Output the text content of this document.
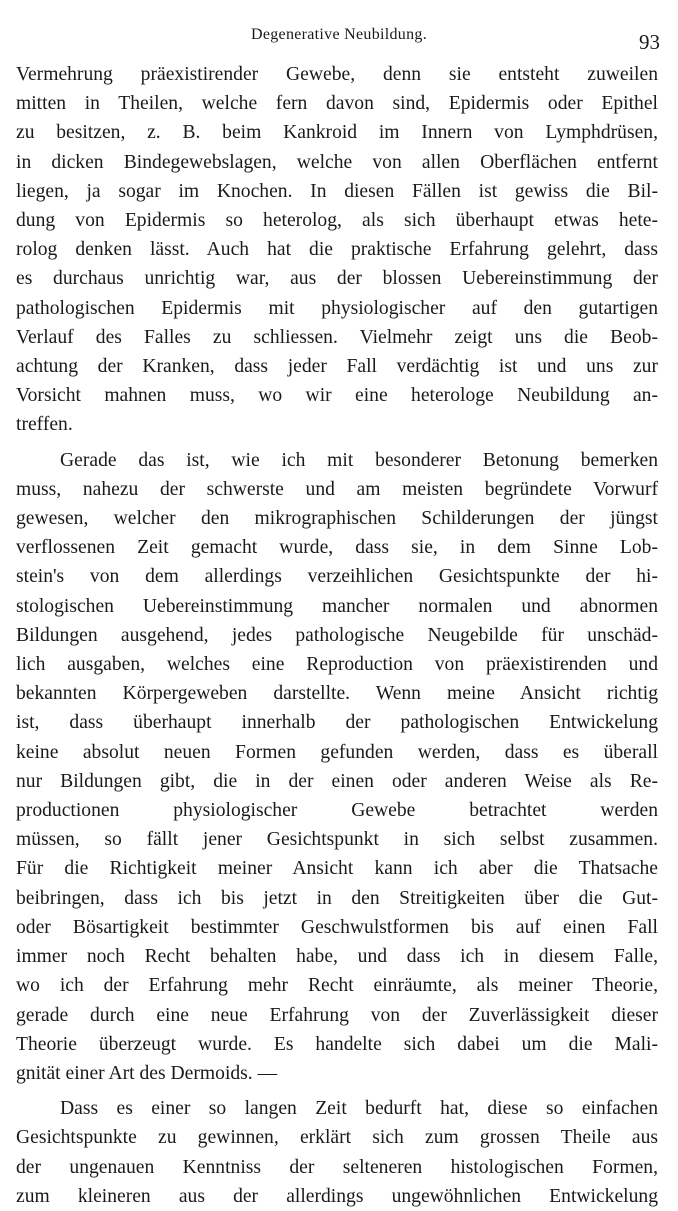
Degenerative Neubildung.	93
Vermehrung präexistirender Gewebe, denn sie entsteht zuweilen
mitten in Theilen, welche fern davon sind, Epidermis oder Epithel
zu besitzen, z. B. beim Kankroid im Innern von Lymphdrüsen,
in dicken Bindegewebslagen, welche von allen Oberflächen entfernt
liegen, ja sogar im Knochen. In diesen Fällen ist gewiss die Bil-
dung von Epidermis so heterolog, als sich überhaupt etwas hete-
rolog denken lässt. Auch hat die praktische Erfahrung gelehrt, dass
es durchaus unrichtig war, aus der blossen Uebereinstimmung der
pathologischen Epidermis mit physiologischer auf den gutartigen
Verlauf des Falles zu schliessen. Vielmehr zeigt uns die Beob-
achtung der Kranken, dass jeder Fall verdächtig ist und uns zur
Vorsicht mahnen muss, wo wir eine heterologe Neubildung an-
treffen.
Gerade das ist, wie ich mit besonderer Betonung bemerken
muss, nahezu der schwerste und am meisten begründete Vorwurf
gewesen, welcher den mikrographischen Schilderungen der jüngst
verflossenen Zeit gemacht wurde, dass sie, in dem Sinne Lob-
stein's von dem allerdings verzeihlichen Gesichtspunkte der hi-
stologischen Uebereinstimmung mancher normalen und abnormen
Bildungen ausgehend, jedes pathologische Neugebilde für unschäd-
lich ausgaben, welches eine Reproduction von präexistirenden und
bekannten Körpergeweben darstellte. Wenn meine Ansicht richtig
ist, dass überhaupt innerhalb der pathologischen Entwickelung
keine absolut neuen Formen gefunden werden, dass es überall
nur Bildungen gibt, die in der einen oder anderen Weise als Re-
productionen physiologischer Gewebe betrachtet werden
müssen, so fällt jener Gesichtspunkt in sich selbst zusammen.
Für die Richtigkeit meiner Ansicht kann ich aber die Thatsache
beibringen, dass ich bis jetzt in den Streitigkeiten über die Gut-
oder Bösartigkeit bestimmter Geschwulstformen bis auf einen Fall
immer noch Recht behalten habe, und dass ich in diesem Falle,
wo ich der Erfahrung mehr Recht einräumte, als meiner Theorie,
gerade durch eine neue Erfahrung von der Zuverlässigkeit dieser
Theorie überzeugt wurde. Es handelte sich dabei um die Mali-
gnität einer Art des Dermoids. —
Dass es einer so langen Zeit bedurft hat, diese so einfachen
Gesichtspunkte zu gewinnen, erklärt sich zum grossen Theile aus
der ungenauen Kenntniss der selteneren histologischen Formen,
zum kleineren aus der allerdings ungewöhnlichen Entwickelung
